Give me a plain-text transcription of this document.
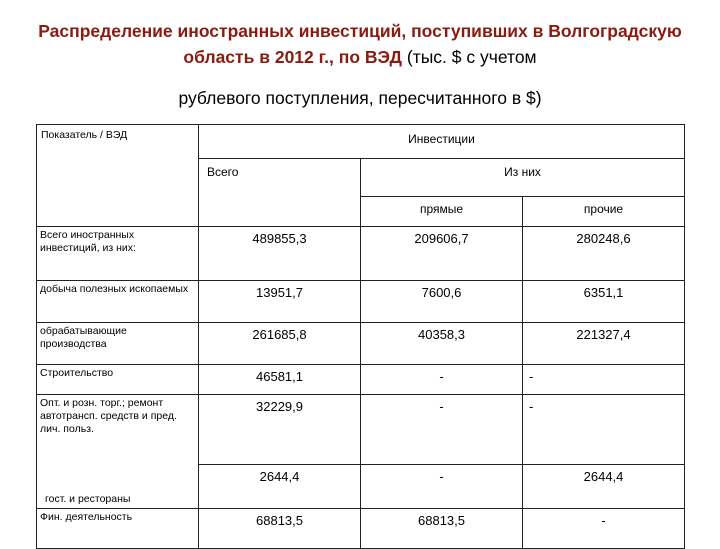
Распределение иностранных инвестиций, поступивших в Волгоградскую область в 2012 г., по ВЭД (тыс. $ с учетом
рублевого поступления, пересчитанного в $)
Показатель / ВЭД	Инвестиции		
	Всего	Из них	
		прямые	прочие
Всего иностранных инвестиций, из них:	489855,3	209606,7	280248,6
добыча полезных ископаемых	13951,7	7600,6	6351,1
обрабатывающие производства	261685,8	40358,3	221327,4
Строительство	46581,1	-	-
Опт. и розн. торг.; ремонт автотрансп. средств и пред. лич. польз.	32229,9	-	-
гост. и рестораны	2644,4	-	2644,4
Фин. деятельность	68813,5	68813,5	-
